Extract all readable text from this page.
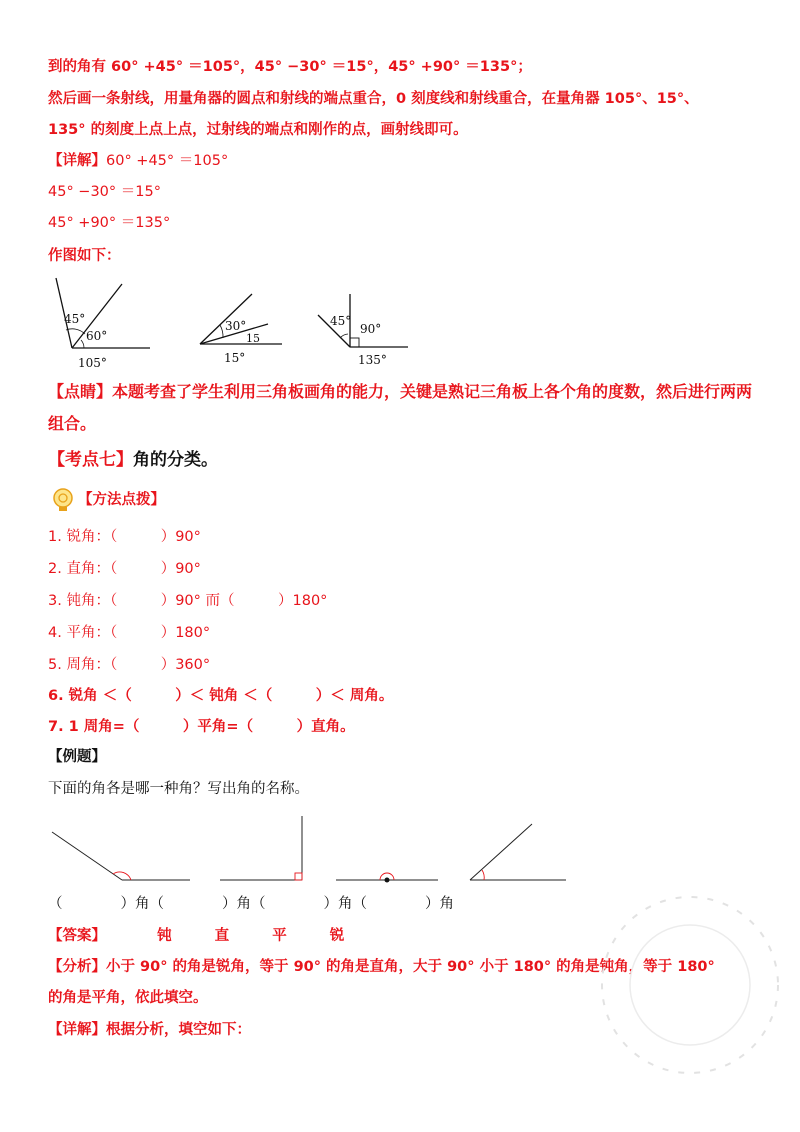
到的角有 60° +45° ＝105°，45° −30° ＝15°，45° +90° ＝135°；
然后画一条射线，用量角器的圆点和射线的端点重合，0 刻度线和射线重合，在量角器 105°、15°、
135° 的刻度上点上点，过射线的端点和刚作的点，画射线即可。
【详解】60° +45° ＝105°
45° −30° ＝15°
45° +90° ＝135°
作图如下：
45°
60°
105°
30°
15
15°
45°
90°
135°
【点睛】本题考查了学生利用三角板画角的能力，关键是熟记三角板上各个角的度数，然后进行两两
组合。
【考点七】角的分类。
【方法点拨】
1. 锐角：（　　　）90°
2. 直角：（　　　）90°
3. 钝角：（　　　）90° 而（　　　）180°
4. 平角：（　　　）180°
5. 周角：（　　　）360°
6. 锐角 ＜（　　　）＜ 钝角 ＜（　　　）＜ 周角。
7. 1 周角=（　　　）平角=（　　　）直角。
【例题】
下面的角各是哪一种角？写出角的名称。
（　　　　）角（　　　　）角（　　　　）角（　　　　）角
【答案】	钝	直	平	锐
【分析】小于 90° 的角是锐角，等于 90° 的角是直角，大于 90° 小于 180° 的角是钝角，等于 180°
的角是平角，依此填空。
【详解】根据分析，填空如下：
